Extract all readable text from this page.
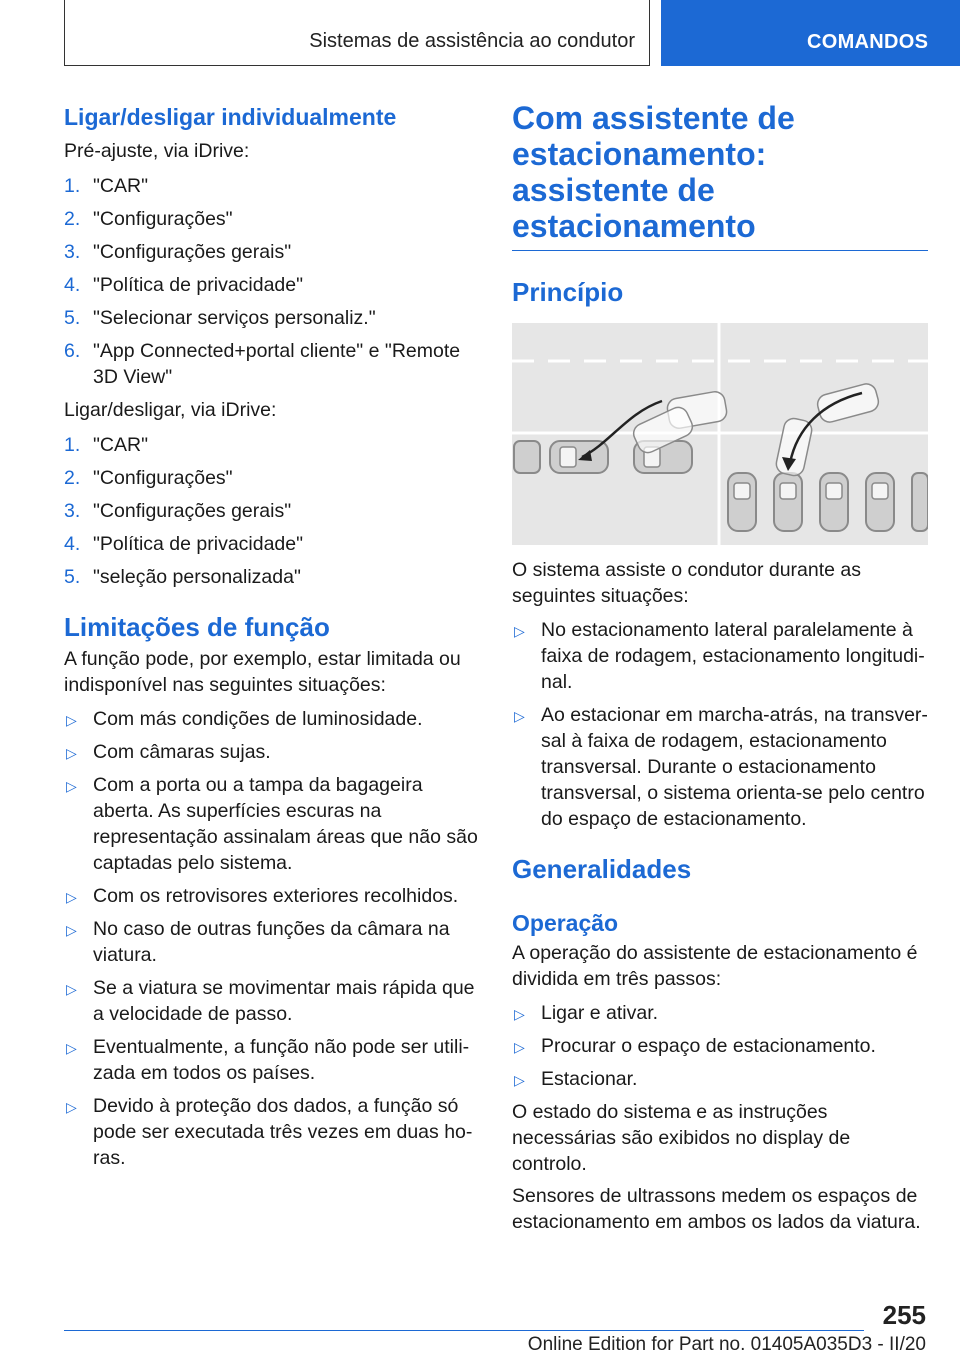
Sistemas de assistência ao condutor	COMANDOS
Ligar/desligar individualmente
Pré-ajuste, via iDrive:
1. "CAR"
2. "Configurações"
3. "Configurações gerais"
4. "Política de privacidade"
5. "Selecionar serviços personaliz."
6. "App Connected+portal cliente" e "Remote 3D View"
Ligar/desligar, via iDrive:
1. "CAR"
2. "Configurações"
3. "Configurações gerais"
4. "Política de privacidade"
5. "seleção personalizada"
Limitações de função
A função pode, por exemplo, estar limitada ou indisponível nas seguintes situações:
▷ Com más condições de luminosidade.
▷ Com câmaras sujas.
▷ Com a porta ou a tampa da bagageira aberta. As superfícies escuras na representação assinalam áreas que não são captadas pelo sistema.
▷ Com os retrovisores exteriores recolhidos.
▷ No caso de outras funções da câmara na viatura.
▷ Se a viatura se movimentar mais rápida que a velocidade de passo.
▷ Eventualmente, a função não pode ser utilizada em todos os países.
▷ Devido à proteção dos dados, a função só pode ser executada três vezes em duas horas.
Com assistente de estacionamento: assistente de estacionamento
Princípio
O sistema assiste o condutor durante as seguintes situações:
▷ No estacionamento lateral paralelamente à faixa de rodagem, estacionamento longitudinal.
▷ Ao estacionar em marcha-atrás, na transversal à faixa de rodagem, estacionamento transversal. Durante o estacionamento transversal, o sistema orienta-se pelo centro do espaço de estacionamento.
Generalidades
Operação
A operação do assistente de estacionamento é dividida em três passos:
▷ Ligar e ativar.
▷ Procurar o espaço de estacionamento.
▷ Estacionar.
O estado do sistema e as instruções necessárias são exibidos no display de controlo.
Sensores de ultrassons medem os espaços de estacionamento em ambos os lados da viatura.
255
Online Edition for Part no. 01405A035D3 - II/20
